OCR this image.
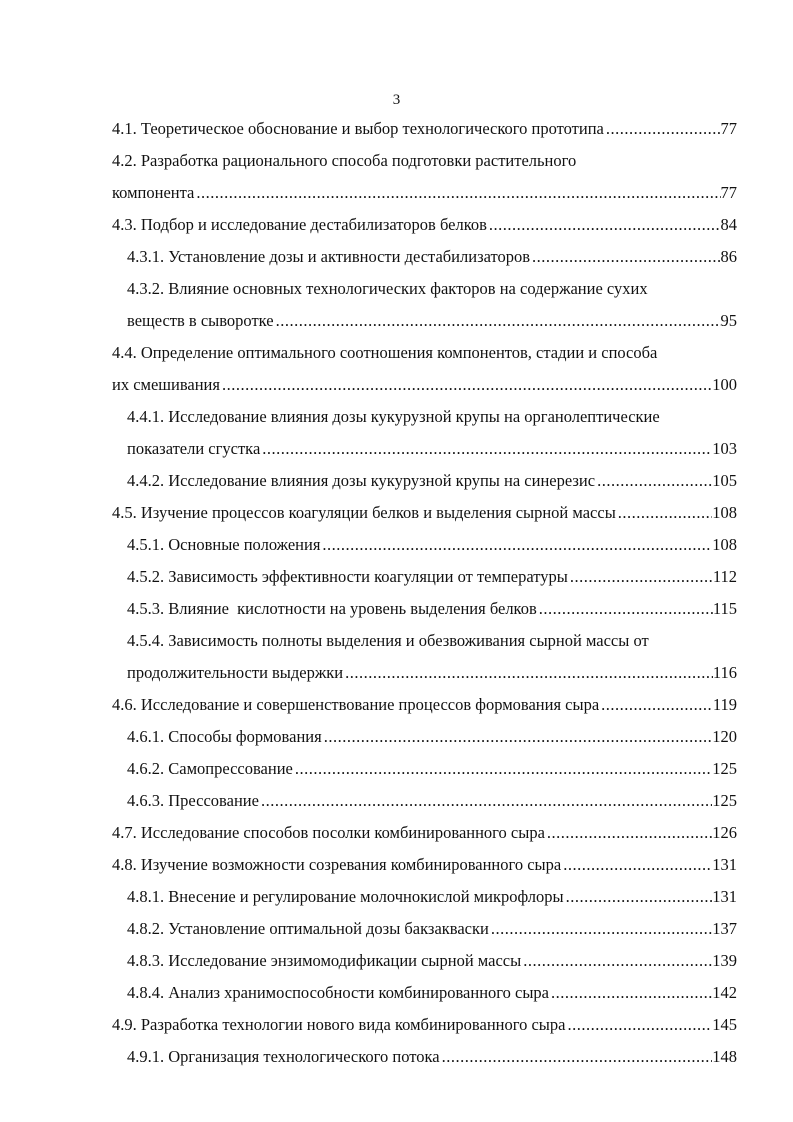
3
4.1. Теоретическое обоснование и выбор технологического прототипа .....	77
4.2. Разработка рационального способа подготовки растительного
компонента .....	77
4.3. Подбор и исследование дестабилизаторов белков .....	84
4.3.1. Установление дозы и активности дестабилизаторов .....	86
4.3.2. Влияние основных технологических факторов на содержание сухих
веществ в сыворотке .....	95
4.4. Определение оптимального соотношения компонентов, стадии и способа
их смешивания .....	100
4.4.1. Исследование влияния дозы кукурузной крупы на органолептические
показатели сгустка .....	103
4.4.2. Исследование влияния дозы кукурузной крупы на синерезис .....	105
4.5. Изучение процессов коагуляции белков и выделения сырной массы .....	108
4.5.1. Основные положения .....	108
4.5.2. Зависимость эффективности коагуляции от температуры .....	112
4.5.3. Влияние  кислотности на уровень выделения белков .....	115
4.5.4. Зависимость полноты выделения и обезвоживания сырной массы от
продолжительности выдержки .....	116
4.6. Исследование и совершенствование процессов формования сыра .....	119
4.6.1. Способы формования .....	120
4.6.2. Самопрессование .....	125
4.6.3. Прессование .....	125
4.7. Исследование способов посолки комбинированного сыра .....	126
4.8. Изучение возможности созревания комбинированного сыра .....	131
4.8.1. Внесение и регулирование молочнокислой микрофлоры .....	131
4.8.2. Установление оптимальной дозы бакзакваски .....	137
4.8.3. Исследование энзимомодификации сырной массы .....	139
4.8.4. Анализ хранимоспособности комбинированного сыра .....	142
4.9. Разработка технологии нового вида комбинированного сыра .....	145
4.9.1. Организация технологического потока .....	148
